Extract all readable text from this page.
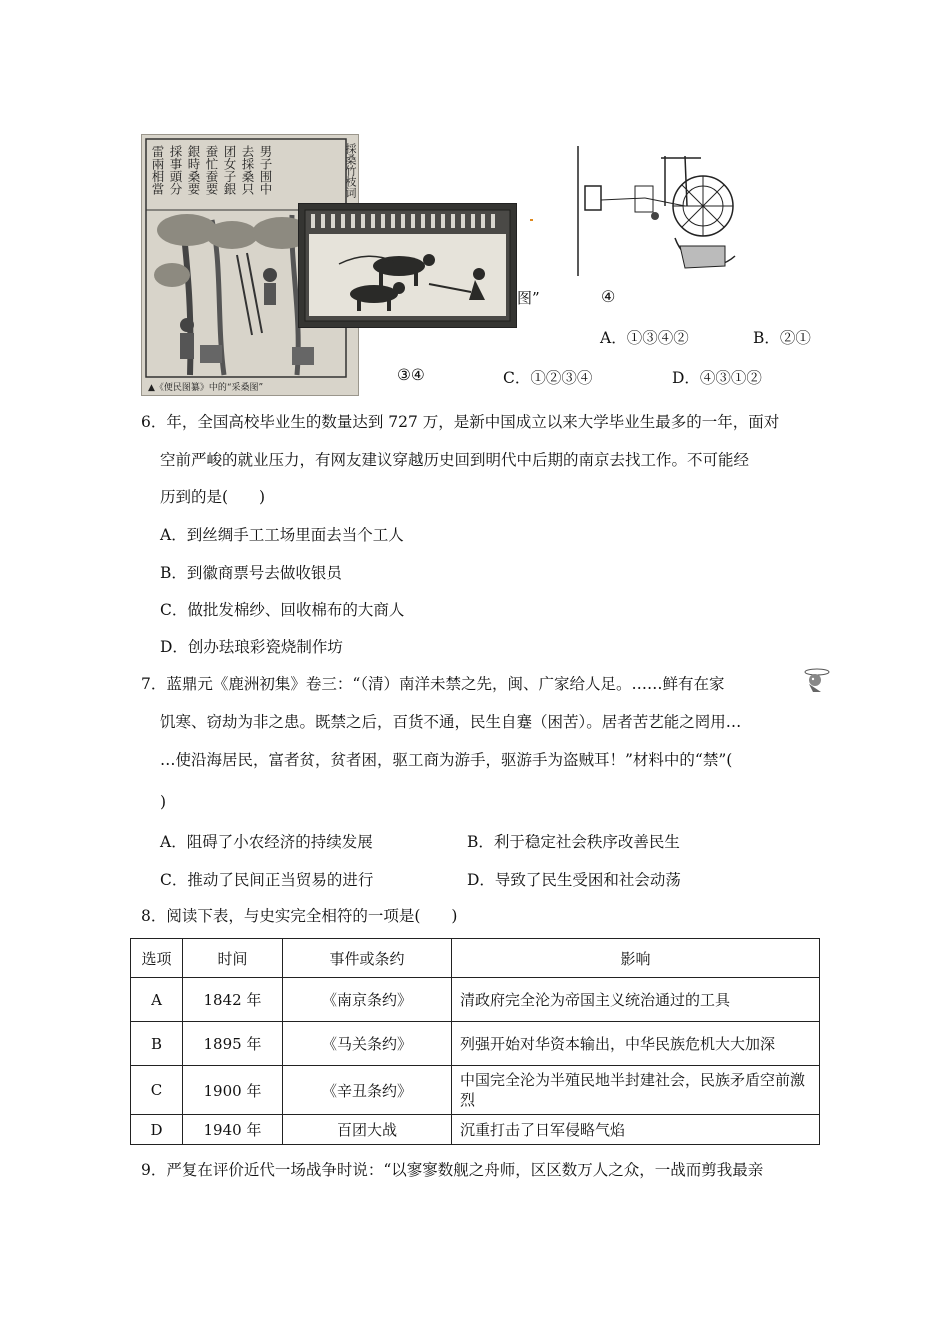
男子围中
去採桑只
团女子銀
蚕忙蚕要
銀時桑要
採事頭分
雷兩相當	採桑竹枝词
▲《便民图纂》中的“采桑图”
图”	④
A．①③④②	B．②①
③④	C．①②③④	D．④③①②
6．年，全国高校毕业生的数量达到 727 万，是新中国成立以来大学毕业生最多的一年，面对
空前严峻的就业压力，有网友建议穿越历史回到明代中后期的南京去找工作。不可能经
历到的是(　　)
A．到丝绸手工工场里面去当个工人
B．到徽商票号去做收银员
C．做批发棉纱、回收棉布的大商人
D．创办珐琅彩瓷烧制作坊
7．蓝鼎元《鹿洲初集》卷三：“（清）南洋未禁之先，闽、广家给人足。……鲜有在家
饥寒、窃劫为非之患。既禁之后，百货不通，民生自蹇（困苦）。居者苦艺能之罔用…
…使沿海居民，富者贫，贫者困，驱工商为游手，驱游手为盗贼耳！”材料中的“禁”(
)
A．阻碍了小农经济的持续发展	B．利于稳定社会秩序改善民生
C．推动了民间正当贸易的进行	D．导致了民生受困和社会动荡
8．阅读下表，与史实完全相符的一项是(　　)
选项	时间	事件或条约	影响
A	1842 年	《南京条约》	清政府完全沦为帝国主义统治通过的工具
B	1895 年	《马关条约》	列强开始对华资本输出，中华民族危机大大加深
C	1900 年	《辛丑条约》	中国完全沦为半殖民地半封建社会，民族矛盾空前激烈
D	1940 年	百团大战	沉重打击了日军侵略气焰
9．严复在评价近代一场战争时说：“以寥寥数舰之舟师，区区数万人之众，一战而剪我最亲
